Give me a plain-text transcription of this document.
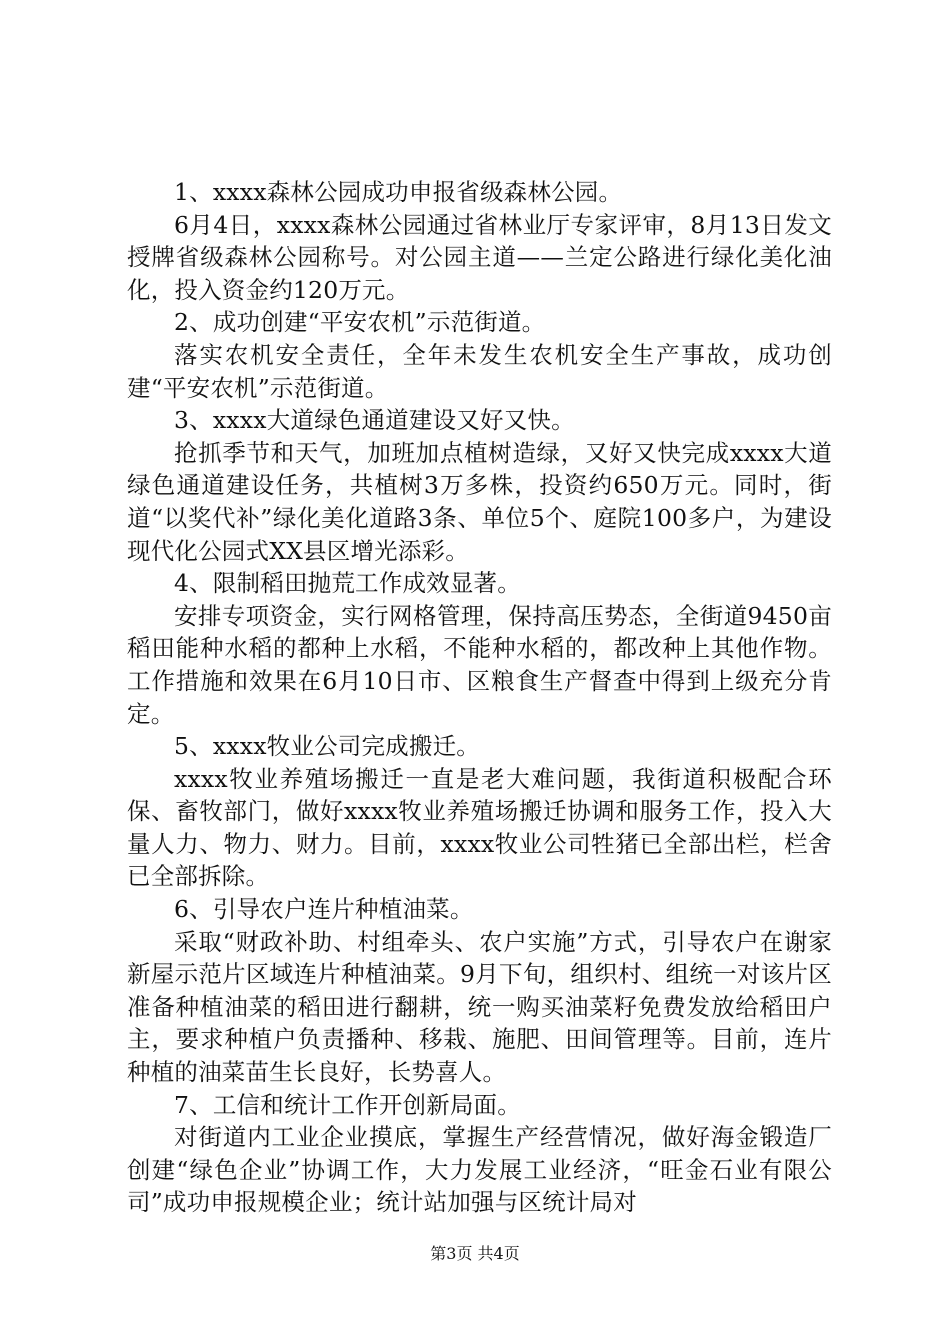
1、xxxx森林公园成功申报省级森林公园。

6月4日，xxxx森林公园通过省林业厅专家评审，8月13日发文授牌省级森林公园称号。对公园主道——兰定公路进行绿化美化油化，投入资金约120万元。

2、成功创建“平安农机”示范街道。

落实农机安全责任，全年未发生农机安全生产事故，成功创建“平安农机”示范街道。

3、xxxx大道绿色通道建设又好又快。

抢抓季节和天气，加班加点植树造绿，又好又快完成xxxx大道绿色通道建设任务，共植树3万多株，投资约650万元。同时，街道“以奖代补”绿化美化道路3条、单位5个、庭院100多户，为建设现代化公园式XX县区增光添彩。

4、限制稻田抛荒工作成效显著。

安排专项资金，实行网格管理，保持高压势态，全街道9450亩稻田能种水稻的都种上水稻，不能种水稻的，都改种上其他作物。工作措施和效果在6月10日市、区粮食生产督查中得到上级充分肯定。

5、xxxx牧业公司完成搬迁。

xxxx牧业养殖场搬迁一直是老大难问题，我街道积极配合环保、畜牧部门，做好xxxx牧业养殖场搬迁协调和服务工作，投入大量人力、物力、财力。目前，xxxx牧业公司牲猪已全部出栏，栏舍已全部拆除。

6、引导农户连片种植油菜。

采取“财政补助、村组牵头、农户实施”方式，引导农户在谢家新屋示范片区域连片种植油菜。9月下旬，组织村、组统一对该片区准备种植油菜的稻田进行翻耕，统一购买油菜籽免费发放给稻田户主，要求种植户负责播种、移栽、施肥、田间管理等。目前，连片种植的油菜苗生长良好，长势喜人。

7、工信和统计工作开创新局面。

对街道内工业企业摸底，掌握生产经营情况，做好海金锻造厂创建“绿色企业”协调工作，大力发展工业经济，“旺金石业有限公司”成功申报规模企业；统计站加强与区统计局对

第3页 共4页
